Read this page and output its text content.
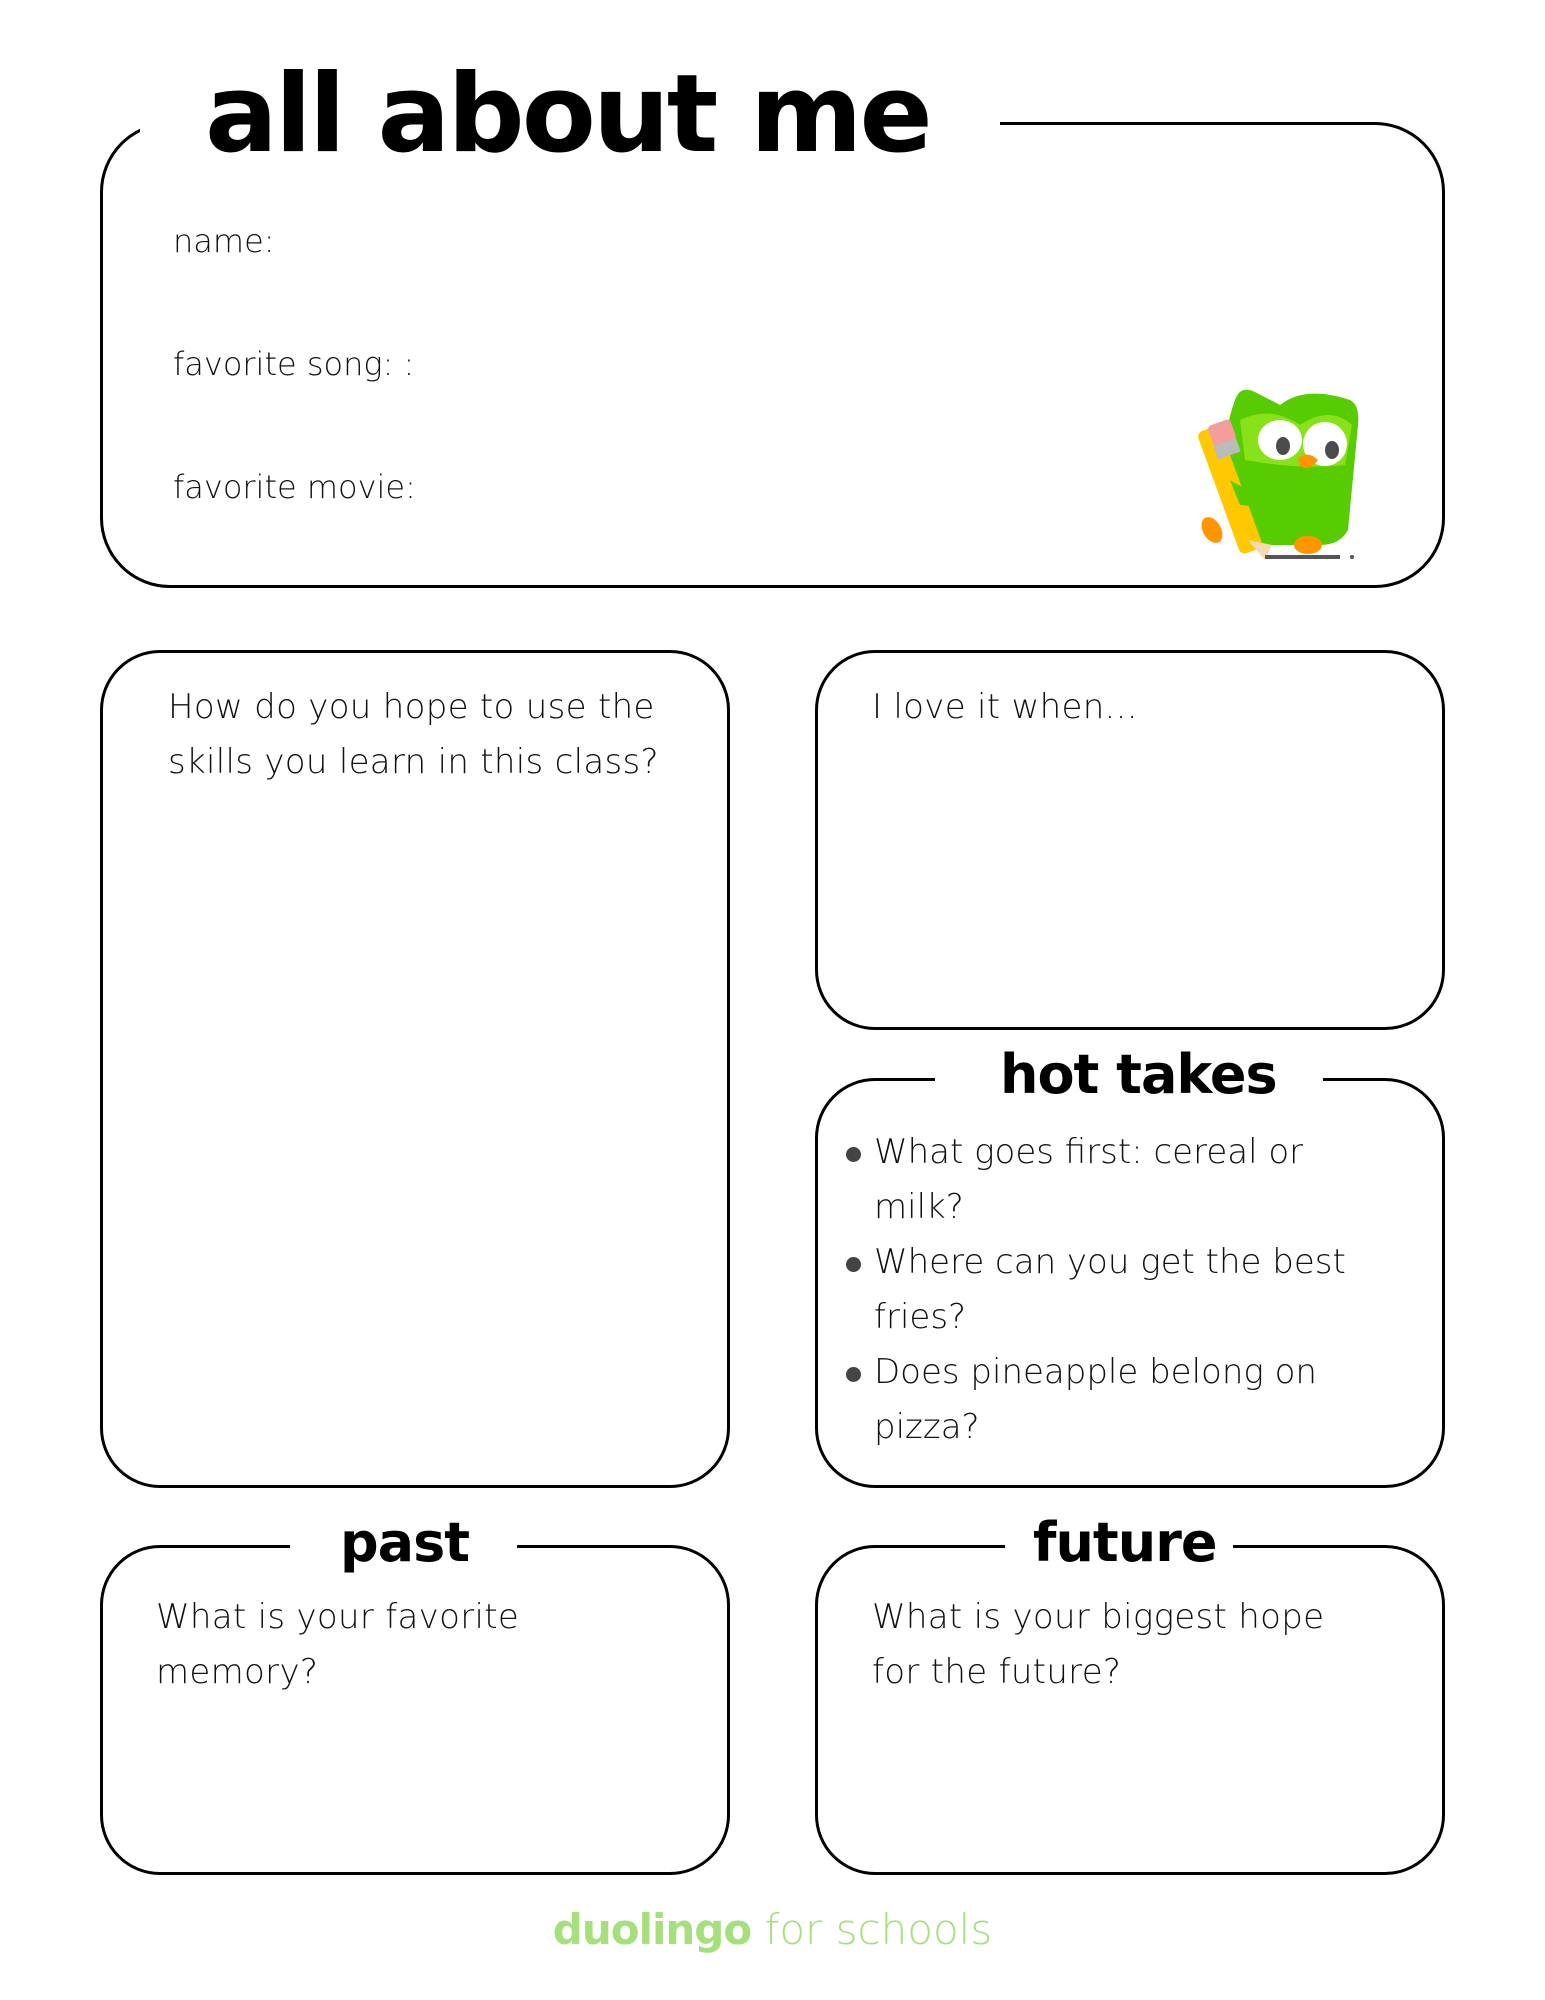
all about me
name:
favorite song: :
favorite movie:
How do you hope to use the
skills you learn in this class?
I love it when...
hot takes
What goes first: cereal or milk?
Where can you get the best fries?
Does pineapple belong on pizza?
past
What is your favorite
memory?
future
What is your biggest hope
for the future?
duolingo for schools
